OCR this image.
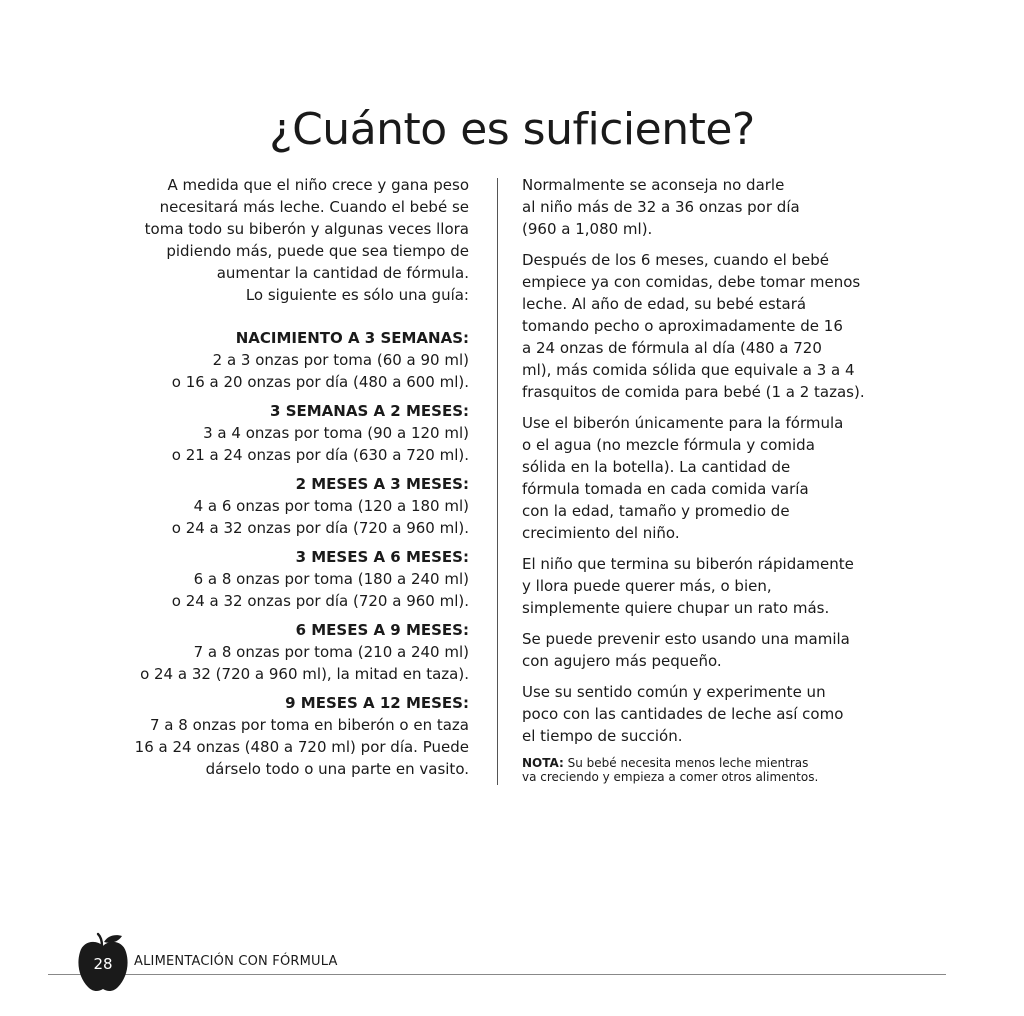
¿Cuánto es suficiente?

A medida que el niño crece y gana peso
necesitará más leche. Cuando el bebé se
toma todo su biberón y algunas veces llora
pidiendo más, puede que sea tiempo de
aumentar la cantidad de fórmula.
Lo siguiente es sólo una guía:

NACIMIENTO A 3 SEMANAS:
2 a 3 onzas por toma (60 a 90 ml)
o 16 a 20 onzas por día (480 a 600 ml).
3 SEMANAS A 2 MESES:
3 a 4 onzas por toma (90 a 120 ml)
o 21 a 24 onzas por día (630 a 720 ml).
2 MESES A 3 MESES:
4 a 6 onzas por toma (120 a 180 ml)
o 24 a 32 onzas por día (720 a 960 ml).
3 MESES A 6 MESES:
6 a 8 onzas por toma (180 a 240 ml)
o 24 a 32 onzas por día (720 a 960 ml).
6 MESES A 9 MESES:
7 a 8 onzas por toma (210 a 240 ml)
o 24 a 32 (720 a 960 ml), la mitad en taza).
9 MESES A 12 MESES:
7 a 8 onzas por toma en biberón o en taza
16 a 24 onzas (480 a 720 ml) por día. Puede
dárselo todo o una parte en vasito.

Normalmente se aconseja no darle
al niño más de 32 a 36 onzas por día
(960 a 1,080 ml).

Después de los 6 meses, cuando el bebé
empiece ya con comidas, debe tomar menos
leche. Al año de edad, su bebé estará
tomando pecho o aproximadamente de 16
a 24 onzas de fórmula al día (480 a 720
ml), más comida sólida que equivale a 3 a 4
frasquitos de comida para bebé (1 a 2 tazas).

Use el biberón únicamente para la fórmula
o el agua (no mezcle fórmula y comida
sólida en la botella). La cantidad de
fórmula tomada en cada comida varía
con la edad, tamaño y promedio de
crecimiento del niño.

El niño que termina su biberón rápidamente
y llora puede querer más, o bien,
simplemente quiere chupar un rato más.

Se puede prevenir esto usando una mamila
con agujero más pequeño.

Use su sentido común y experimente un
poco con las cantidades de leche así como
el tiempo de succión.

NOTA: Su bebé necesita menos leche mientras
va creciendo y empieza a comer otros alimentos.

28	ALIMENTACIÓN CON FÓRMULA
